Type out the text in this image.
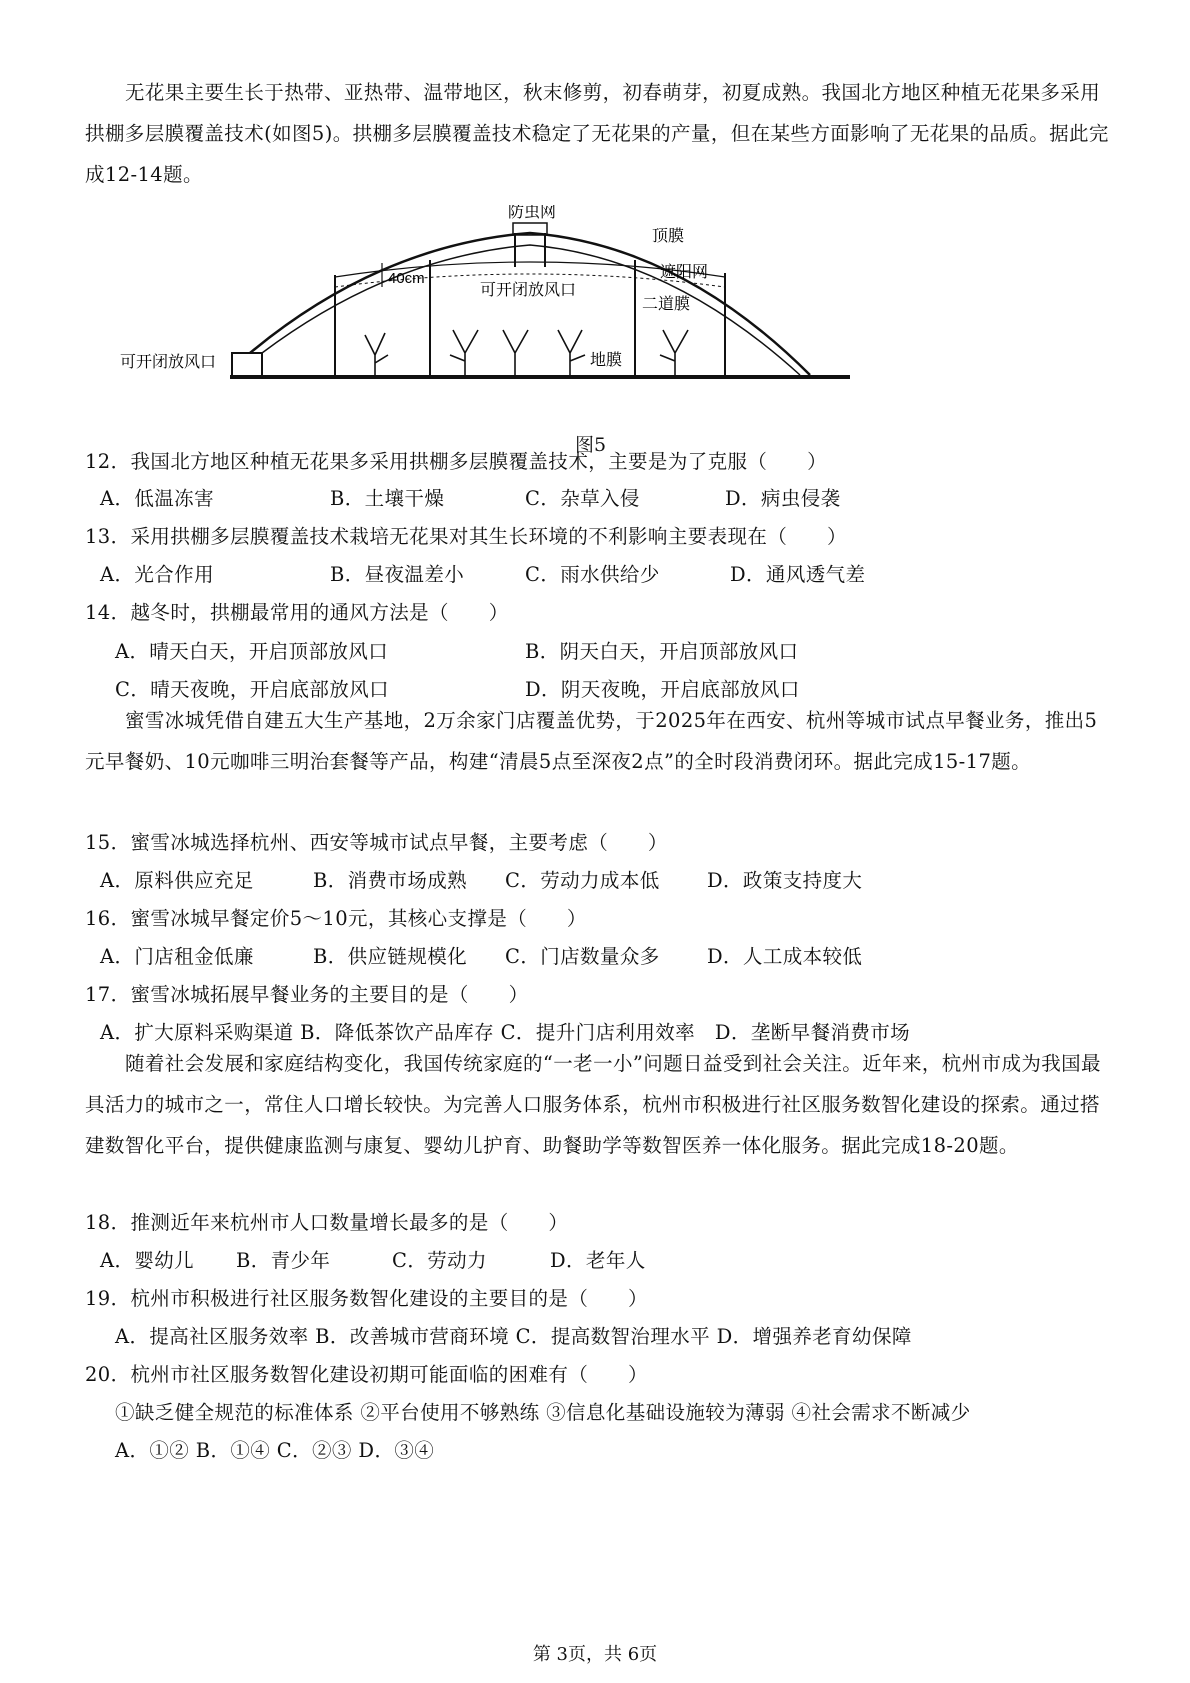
无花果主要生长于热带、亚热带、温带地区，秋末修剪，初春萌芽，初夏成熟。我国北方地区种植无花果多采用拱棚多层膜覆盖技术(如图5)。拱棚多层膜覆盖技术稳定了无花果的产量，但在某些方面影响了无花果的品质。据此完成12-14题。

防虫网
顶膜
40cm	遮阳网
可开闭放风口
二道膜
可开闭放风口	地膜
图5
12．我国北方地区种植无花果多采用拱棚多层膜覆盖技术，主要是为了克服（　　）
A．低温冻害	B．土壤干燥	C．杂草入侵	D．病虫侵袭
13．采用拱棚多层膜覆盖技术栽培无花果对其生长环境的不利影响主要表现在（　　）
A．光合作用	B．昼夜温差小	C．雨水供给少	D．通风透气差
14．越冬时，拱棚最常用的通风方法是（　　）
A．晴天白天，开启顶部放风口	B．阴天白天，开启顶部放风口
C．晴天夜晚，开启底部放风口	D．阴天夜晚，开启底部放风口

蜜雪冰城凭借自建五大生产基地，2万余家门店覆盖优势，于2025年在西安、杭州等城市试点早餐业务，推出5元早餐奶、10元咖啡三明治套餐等产品，构建“清晨5点至深夜2点”的全时段消费闭环。据此完成15-17题。

15．蜜雪冰城选择杭州、西安等城市试点早餐，主要考虑（　　）
A．原料供应充足	B．消费市场成熟 C．劳动力成本低 D．政策支持度大
16．蜜雪冰城早餐定价5～10元，其核心支撑是（　　）
A．门店租金低廉	B．供应链规模化 C．门店数量众多 D．人工成本较低
17．蜜雪冰城拓展早餐业务的主要目的是（　　）
A．扩大原料采购渠道 B．降低茶饮产品库存 C．提升门店利用效率　D．垄断早餐消费市场

随着社会发展和家庭结构变化，我国传统家庭的“一老一小”问题日益受到社会关注。近年来，杭州市成为我国最具活力的城市之一，常住人口增长较快。为完善人口服务体系，杭州市积极进行社区服务数智化建设的探索。通过搭建数智化平台，提供健康监测与康复、婴幼儿护育、助餐助学等数智医养一体化服务。据此完成18-20题。

18．推测近年来杭州市人口数量增长最多的是（　　）
A．婴幼儿 B．青少年	C．劳动力	D．老年人
19．杭州市积极进行社区服务数智化建设的主要目的是（　　）
A．提高社区服务效率 B．改善城市营商环境 C．提高数智治理水平 D．增强养老育幼保障
20．杭州市社区服务数智化建设初期可能面临的困难有（　　）
①缺乏健全规范的标准体系 ②平台使用不够熟练 ③信息化基础设施较为薄弱 ④社会需求不断减少
A．①② B．①④ C．②③ D．③④
第 3页，共 6页
